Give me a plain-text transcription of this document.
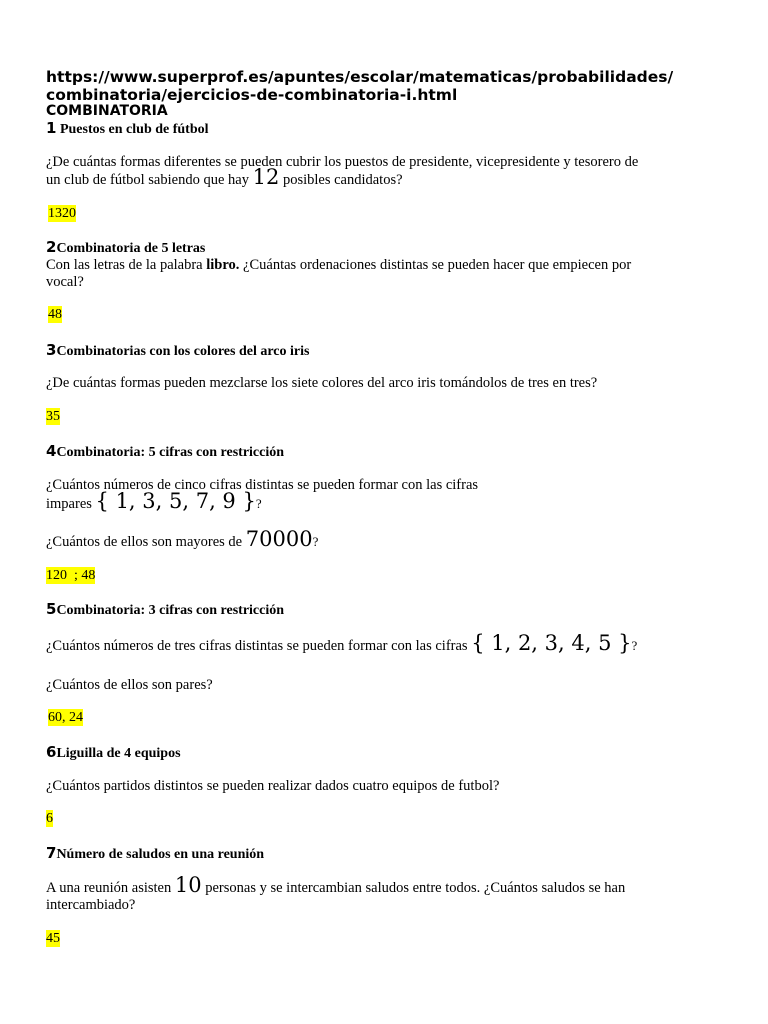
https://www.superprof.es/apuntes/escolar/matematicas/probabilidades/
combinatoria/ejercicios-de-combinatoria-i.html
COMBINATORIA
1 Puestos en club de fútbol
¿De cuántas formas diferentes se pueden cubrir los puestos de presidente, vicepresidente y tesorero de
un club de fútbol sabiendo que hay 12 posibles candidatos?
1320
2Combinatoria de 5 letras
Con las letras de la palabra libro. ¿Cuántas ordenaciones distintas se pueden hacer que empiecen por
vocal?
48
3Combinatorias con los colores del arco iris
¿De cuántas formas pueden mezclarse los siete colores del arco iris tomándolos de tres en tres?
35
4Combinatoria: 5 cifras con restricción
¿Cuántos números de cinco cifras distintas se pueden formar con las cifras
impares { 1, 3, 5, 7, 9 }?
¿Cuántos de ellos son mayores de 70000?
120  ; 48
5Combinatoria: 3 cifras con restricción
¿Cuántos números de tres cifras distintas se pueden formar con las cifras { 1, 2, 3, 4, 5 }?
¿Cuántos de ellos son pares?
60, 24
6Liguilla de 4 equipos
¿Cuántos partidos distintos se pueden realizar dados cuatro equipos de futbol?
6
7Número de saludos en una reunión
A una reunión asisten 10 personas y se intercambian saludos entre todos. ¿Cuántos saludos se han
intercambiado?
45
